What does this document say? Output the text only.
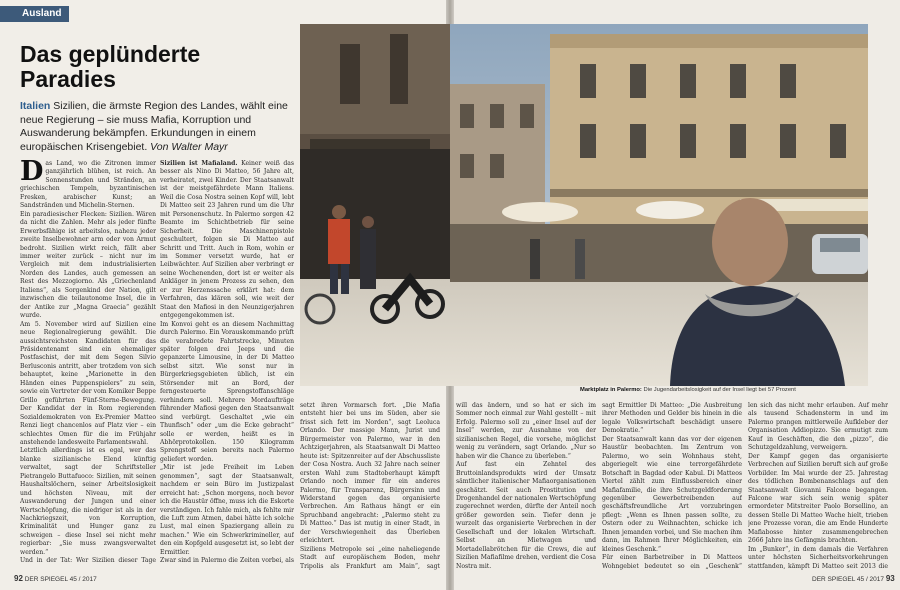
Ausland
Das geplünderte Paradies
Italien Sizilien, die ärmste Region des Landes, wählt eine neue Regierung – sie muss Mafia, Korruption und Auswanderung bekämpfen. Erkundungen in einem europäischen Krisengebiet. Von Walter Mayr

Das Land, wo die Zitronen immer ganzjährlich blühen, ist reich. An Sonnenstunden und Stränden, an griechischen Tempeln, byzantinischen Fresken, arabischer Kunst; an Sandstränden und Michelin-Sternen.

Ein paradiesischer Flecken: Sizilien. Wären da nicht die Zahlen. Mehr als jeder fünfte Erwerbsfähige ist arbeitslos, nahezu jeder zweite Inselbewohner arm oder von Armut bedroht. Sizilien wirkt reich, fällt aber immer weiter zurück – nicht nur im Vergleich mit dem industrialisierten Norden des Landes, auch gemessen an Rest des Mezzogiorno. Als „Griechenland Italiens“, als Sorgenkind der Nation, gilt inzwischen die teilautonome Insel, die in der Antike zur „Magna Graecia“ gezählt wurde.

Am 5. November wird auf Sizilien eine neue Regionalregierung gewählt. Die aussichtsreichsten Kandidaten für das Präsidentenamt sind ein ehemaliger Postfaschist, der mit dem Segen Silvio Berlusconis antritt, aber trotzdem von sich behauptet, keine „Marionette in den Händen eines Puppenspielers“ zu sein, sowie ein Vertreter der vom Komiker Beppe Grillo geführten Fünf-Sterne-Bewegung. Der Kandidat der in Rom regierenden Sozialdemokraten von Ex-Premier Matteo Renzi liegt chancenlos auf Platz vier – ein schlechtes Omen für die im Frühjahr anstehende landesweite Parlamentswahl.

Letztlich allerdings ist es egal, wer das blanke sizilianische Elend künftig verwaltet, sagt der Schriftsteller Pietrangelo Buttafuoco: Sizilien, mit seinen Haushaltslöchern, seiner Arbeitslosigkeit und höchsten Niveau, mit der Auswanderung der Jungen und einer Wertschöpfung, die niedriger ist als in der Nachkriegszeit, von Korruption, Kriminalität und Hunger ganz zu schweigen – diese Insel sei nicht mehr regierbar: „Sie muss zwangsverwaltet werden.“

Und in der Tat: Wer Sizilien dieser Tage

Sizilien ist Mafialand. Keiner weiß das besser als Nino Di Matteo, 56 Jahre alt, verheiratet, zwei Kinder. Der Staatsanwalt ist der meistgefährdete Mann Italiens. Weil die Cosa Nostra seinen Kopf will, lebt Di Matteo seit 23 Jahren rund um die Uhr mit Personenschutz. In Palermo sorgen 42 Beamte im Schichtbetrieb für seine Sicherheit. Die Maschinenpistole geschultert, folgen sie Di Matteo auf Schritt und Tritt. Auch in Rom, wohin er im Sommer versetzt wurde, hat er Leibwächter. Auf Sizilien aber verbringt er seine Wochenenden, dort ist er weiter als Ankläger in jenem Prozess zu sehen, den er zur Herzenssache erklärt hat: dem Verfahren, das klären soll, wie weit der Staat den Mafiosi in den Neunzigerjahren entgegengekommen ist.

Im Konvoi geht es an diesem Nachmittag durch Palermo. Ein Vorauskommando prüft die verabredete Fahrtstrecke, Minuten später folgen drei Jeeps und die gepanzerte Limousine, in der Di Matteo selbst sitzt. Wie sonst nur in Bürgerkriegsgebieten üblich, ist ein Störsender mit an Bord, der ferngesteuerte Sprengstoffanschläge verhindern soll. Mehrere Mordaufträge führender Mafiosi gegen den Staatsanwalt sind verbürgt. Geschaltet „wie ein Thunfisch“ oder „um die Ecke gebracht“ solle er werden, heißt es in Abhörprotokollen. 150 Kilogramm Sprengstoff seien bereits nach Palermo geliefert worden.

„Mir ist jede Freiheit im Leben genommen“, sagt der Staatsanwalt, nachdem er sein Büro im Justizpalast erreicht hat: „Schon morgens, noch bevor ich die Haustür öffne, muss ich die Eskorte verständigen. Ich fahle mich, als fehlte mir die Luft zum Atmen, dabei hätte ich solche Lust, mal einen Spaziergang allein zu machen.“ Wie ein Schwerkrimineller, auf den ein Kopfgeld ausgesetzt ist, so lebt der Ermittler.

Zwar sind in Palermo die Zeiten vorbei, als

setzt ihren Vormarsch fort. „Die Mafia entsteht hier bei uns im Süden, aber sie frisst sich fett im Norden“, sagt Leoluca Orlando. Der massige Mann, Jurist und Bürgermeister von Palermo, war in den Achtzigerjahren, als Staatsanwalt Di Matteo heute ist: Spitzenreiter auf der Abschussliste der Cosa Nostra. Auch 32 Jahre nach seiner ersten Wahl zum Stadtoberhaupt kämpft Orlando noch immer für ein anderes Palermo, für Transparenz, Bürgersinn und Widerstand gegen das organisierte Verbrechen. Am Rathaus hängt er ein Spruchband angebracht: „Palermo steht zu Di Matteo.“ Das ist mutig in einer Stadt, in der Verschwiegenheit das Überleben erleichtert.

Siziliens Metropole sei „eine naheliegende Stadt auf europäischem Boden, mehr Tripolis als Frankfurt am Main“, sagt

92 DER SPIEGEL 45 / 2017

will das ändern, und so hat er sich im Sommer noch einmal zur Wahl gestellt – mit Erfolg. Palermo soll zu „einer Insel auf der Insel“ werden, zur Ausnahme von der sizilianischen Regel, die vorsehe, möglichst wenig zu verändern, sagt Orlando. „Nur so haben wir die Chance zu überleben.“

Auf fast ein Zehntel des Bruttoinlandsprodukts wird der Umsatz sämtlicher italienischer Mafiaorganisationen geschätzt. Seit auch Prostitution und Drogenhandel der nationalen Wertschöpfung zugerechnet werden, dürfte der Anteil noch größer geworden sein. Tiefer denn je wurzelt das organisierte Verbrechen in der Gesellschaft und der lokalen Wirtschaft. Selbst an Mietwagen und Mortadellabrötchen für die Crews, die auf Sizilien Mafiafilme drehen, verdient die Cosa Nostra mit.

sagt Ermittler Di Matteo: „Die Ausbreitung ihrer Methoden und Gelder bis hinein in die legale Volkswirtschaft beschädigt unsere Demokratie.“

Der Staatsanwalt kann das vor der eigenen Haustür beobachten. Im Zentrum von Palermo, wo sein Wohnhaus steht, abgeriegelt wie eine terrorgefährdete Botschaft in Bagdad oder Kabul. Di Matteos Viertel zählt zum Einflussbereich einer Mafiafamilie, die ihre Schutzgeldforderung gegenüber Gewerbetreibenden auf geschäftsfreundliche Art vorzubringen pflegt: „Wenn es Ihnen passen sollte, zu Ostern oder zu Weihnachten, schicke ich Ihnen jemanden vorbei, und Sie machen ihm dann, im Rahmen Ihrer Möglichkeiten, ein kleines Geschenk.“

Für einen Barbetreiber in Di Matteos Wohngebiet bedeutet so ein „Geschenk“

len sich das nicht mehr erlauben. Auf mehr als tausend Schadensterm in und im Palermo prangen mittlerweile Aufkleber der Organisation Addiopizzo. Sie ermutigt zum Kauf in Geschäften, die den „pizzo“, die Schutzgeldzahlung, verweigern.

Der Kampf gegen das organisierte Verbrechen auf Sizilien beruft sich auf große Vorbilder. Im Mai wurde der 25. Jahrestag des tödlichen Bombenanschlags auf den Staatsanwalt Giovanni Falcone begangen. Falcone war sich sein wenig später ermordeter Mitstreiter Paolo Borsellino, an dessen Stelle Di Matteo Wache hielt, trieben jene Prozesse voran, die am Ende Hunderte Mafiabosse hinter zusammengebrechen 2666 Jahre ins Gefängnis brachten.

Im „Bunker“, in dem damals die Verfahren unter höchsten Sicherheitsvorkehrungen stattfanden, kämpft Di Matteo seit 2013 die

DER SPIEGEL 45 / 2017 93
Marktplatz in Palermo: Die Jugendarbeitslosigkeit auf der Insel liegt bei 57 Prozent
